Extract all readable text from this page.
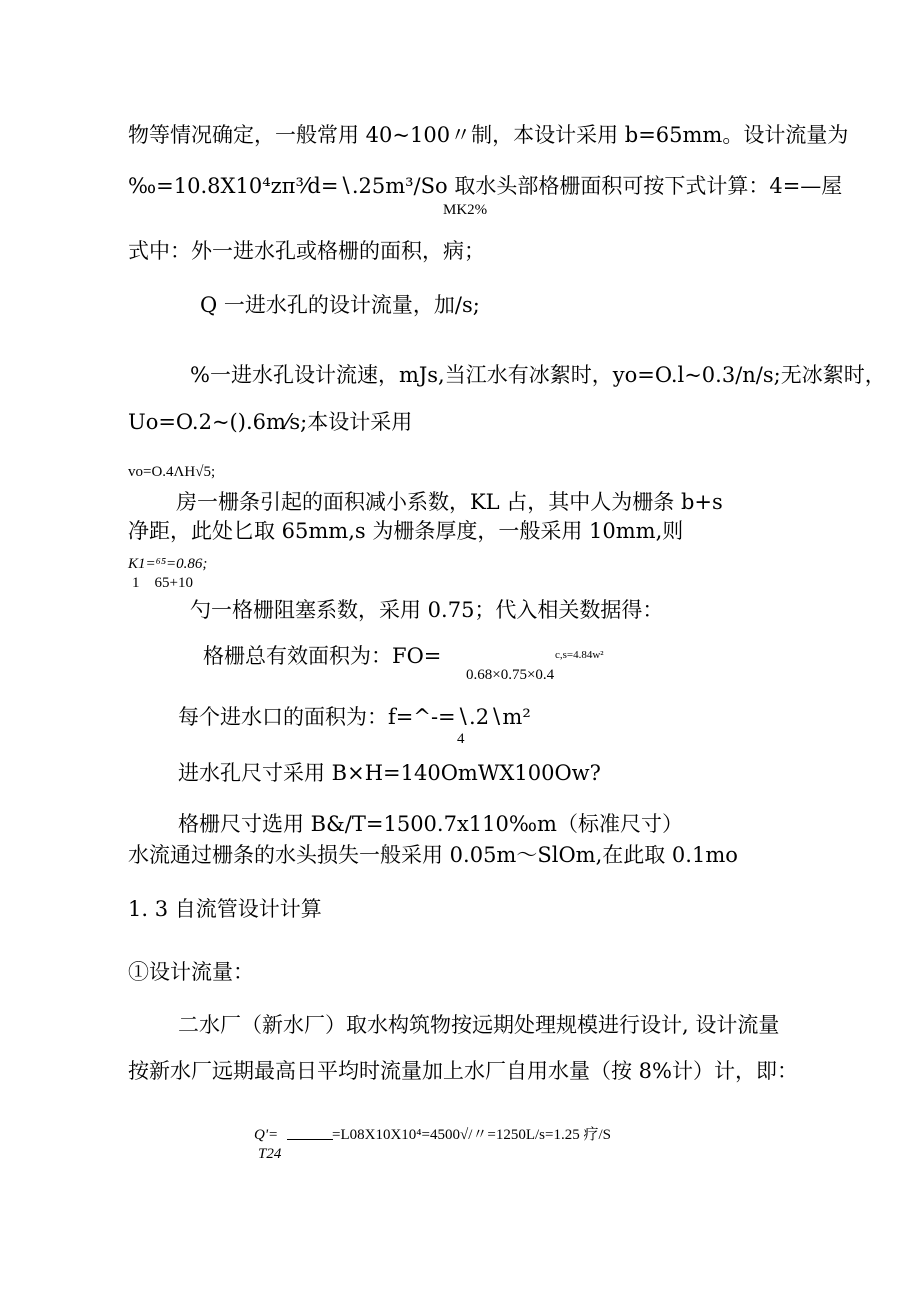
物等情况确定，一般常用 40~100〃制，本设计采用 b=65mm。设计流量为
‰=10.8X10⁴zπ³⁄d=∖.25m³/So 取水头部格栅面积可按下式计算：4=—屋
MK2%
式中：外一进水孔或格栅的面积，病；
Q 一进水孔的设计流量，加/s;
%一进水孔设计流速，mJs,当江水有冰絮时，yo=O.l~0.3/n/s;无冰絮时，
Uo=O.2~().6m⁄s;本设计采用
vo=O.4ΛH√5;
房一栅条引起的面积减小系数，KL 占，其中人为栅条 b+s
净距，此处匕取 65mm,s 为栅条厚度，一般采用 10mm,则
K1=⁶⁵=0.86;
1　65+10
勺一格栅阻塞系数，采用 0.75；代入相关数据得：
格栅总有效面积为：FO=	c,s=4.84w²
0.68×0.75×0.4
每个进水口的面积为：f=^-=∖.2∖m²
4
进水孔尺寸采用 B×H=140OmWX100Ow?
格栅尺寸选用 B&/T=1500.7x110‰m（标准尺寸）
水流通过栅条的水头损失一般采用 0.05m～SlOm,在此取 0.1mo
1. 3 自流管设计计算
①设计流量：
二水厂（新水厂）取水构筑物按远期处理规模进行设计, 设计流量
按新水厂远期最高日平均时流量加上水厂自用水量（按 8%计）计，即：
Q'=	=L08X10X10⁴=4500√/〃=1250L/s=1.25 疗/S
T24
